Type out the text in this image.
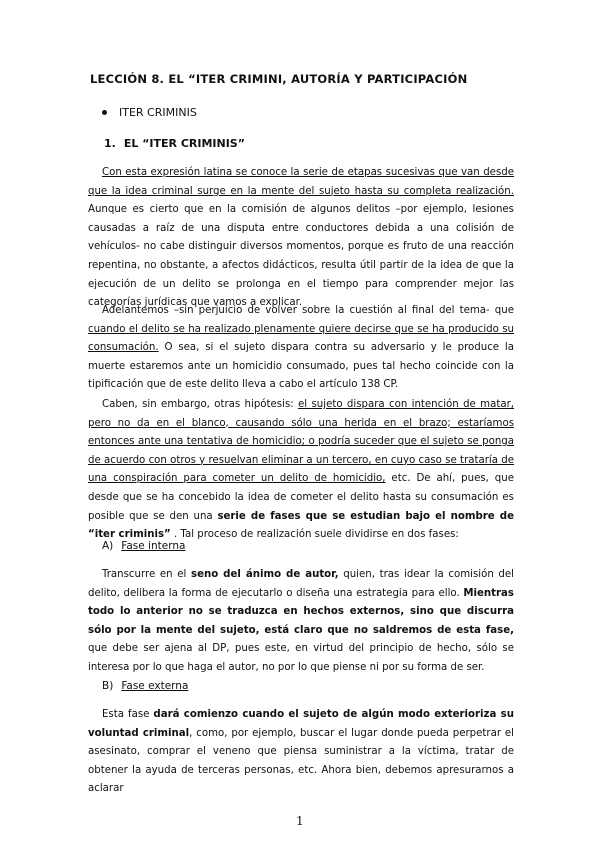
LECCIÓN 8. EL “ITER CRIMINI, AUTORÍA Y PARTICIPACIÓN
ITER CRIMINIS
1. EL “ITER CRIMINIS”
Con esta expresión latina se conoce la serie de etapas sucesivas que van desde que la idea criminal surge en la mente del sujeto hasta su completa realización. Aunque es cierto que en la comisión de algunos delitos –por ejemplo, lesiones causadas a raíz de una disputa entre conductores debida a una colisión de vehículos- no cabe distinguir diversos momentos, porque es fruto de una reacción repentina, no obstante, a afectos didácticos, resulta útil partir de la idea de que la ejecución de un delito se prolonga en el tiempo para comprender mejor las categorías jurídicas que vamos a explicar.
Adelantemos –sin perjuicio de volver sobre la cuestión al final del tema- que cuando el delito se ha realizado plenamente quiere decirse que se ha producido su consumación. O sea, si el sujeto dispara contra su adversario y le produce la muerte estaremos ante un homicidio consumado, pues tal hecho coincide con la tipificación que de este delito lleva a cabo el artículo 138 CP.
Caben, sin embargo, otras hipótesis: el sujeto dispara con intención de matar, pero no da en el blanco, causando sólo una herida en el brazo; estaríamos entonces ante una tentativa de homicidio; o podría suceder que el sujeto se ponga de acuerdo con otros y resuelvan eliminar a un tercero, en cuyo caso se trataría de una conspiración para cometer un delito de homicidio, etc. De ahí, pues, que desde que se ha concebido la idea de cometer el delito hasta su consumación es posible que se den una serie de fases que se estudian bajo el nombre de “iter criminis” . Tal proceso de realización suele dividirse en dos fases:
A) Fase interna
Transcurre en el seno del ánimo de autor, quien, tras idear la comisión del delito, delibera la forma de ejecutarlo o diseña una estrategia para ello. Mientras todo lo anterior no se traduzca en hechos externos, sino que discurra sólo por la mente del sujeto, está claro que no saldremos de esta fase, que debe ser ajena al DP, pues este, en virtud del principio de hecho, sólo se interesa por lo que haga el autor, no por lo que piense ni por su forma de ser.
B) Fase externa
Esta fase dará comienzo cuando el sujeto de algún modo exterioriza su voluntad criminal, como, por ejemplo, buscar el lugar donde pueda perpetrar el asesinato, comprar el veneno que piensa suministrar a la víctima, tratar de obtener la ayuda de terceras personas, etc. Ahora bien, debemos apresurarnos a aclarar
1
